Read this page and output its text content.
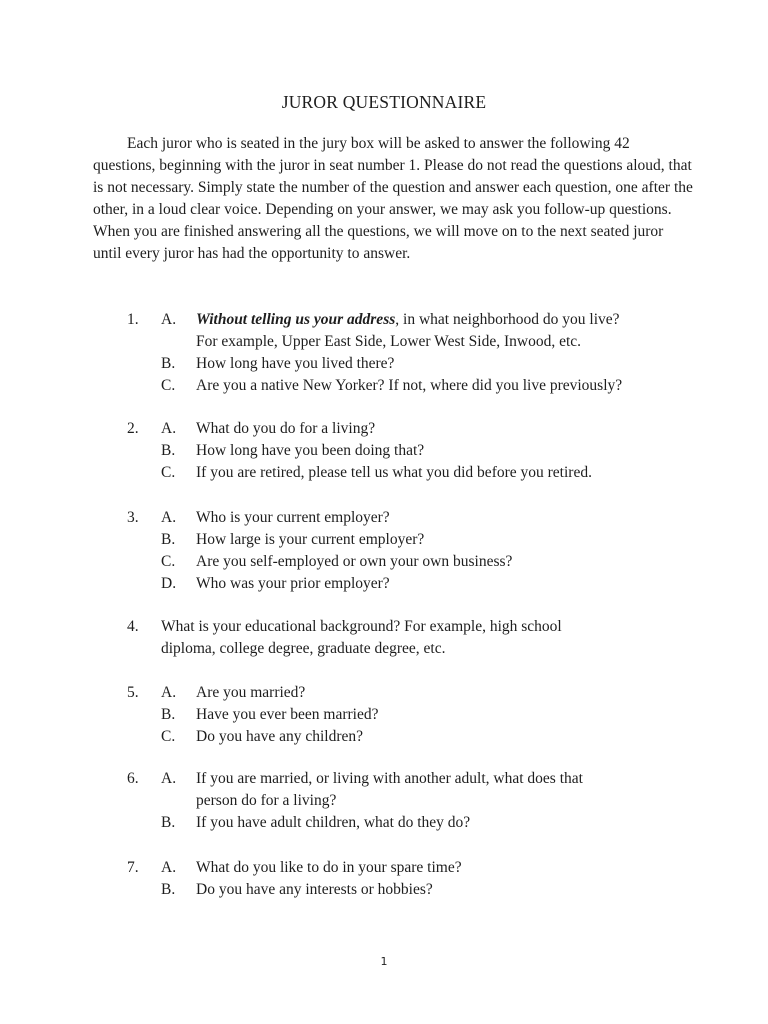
JUROR QUESTIONNAIRE
Each juror who is seated in the jury box will be asked to answer the following 42 questions, beginning with the juror in seat number 1. Please do not read the questions aloud, that is not necessary. Simply state the number of the question and answer each question, one after the other, in a loud clear voice. Depending on your answer, we may ask you follow-up questions. When you are finished answering all the questions, we will move on to the next seated juror until every juror has had the opportunity to answer.
1. A. Without telling us your address, in what neighborhood do you live?
For example, Upper East Side, Lower West Side, Inwood, etc.
B. How long have you lived there?
C. Are you a native New Yorker? If not, where did you live previously?
2. A. What do you do for a living?
B. How long have you been doing that?
C. If you are retired, please tell us what you did before you retired.
3. A. Who is your current employer?
B. How large is your current employer?
C. Are you self-employed or own your own business?
D. Who was your prior employer?
4. What is your educational background? For example, high school
diploma, college degree, graduate degree, etc.
5. A. Are you married?
B. Have you ever been married?
C. Do you have any children?
6. A. If you are married, or living with another adult, what does that
person do for a living?
B. If you have adult children, what do they do?
7. A. What do you like to do in your spare time?
B. Do you have any interests or hobbies?
1
